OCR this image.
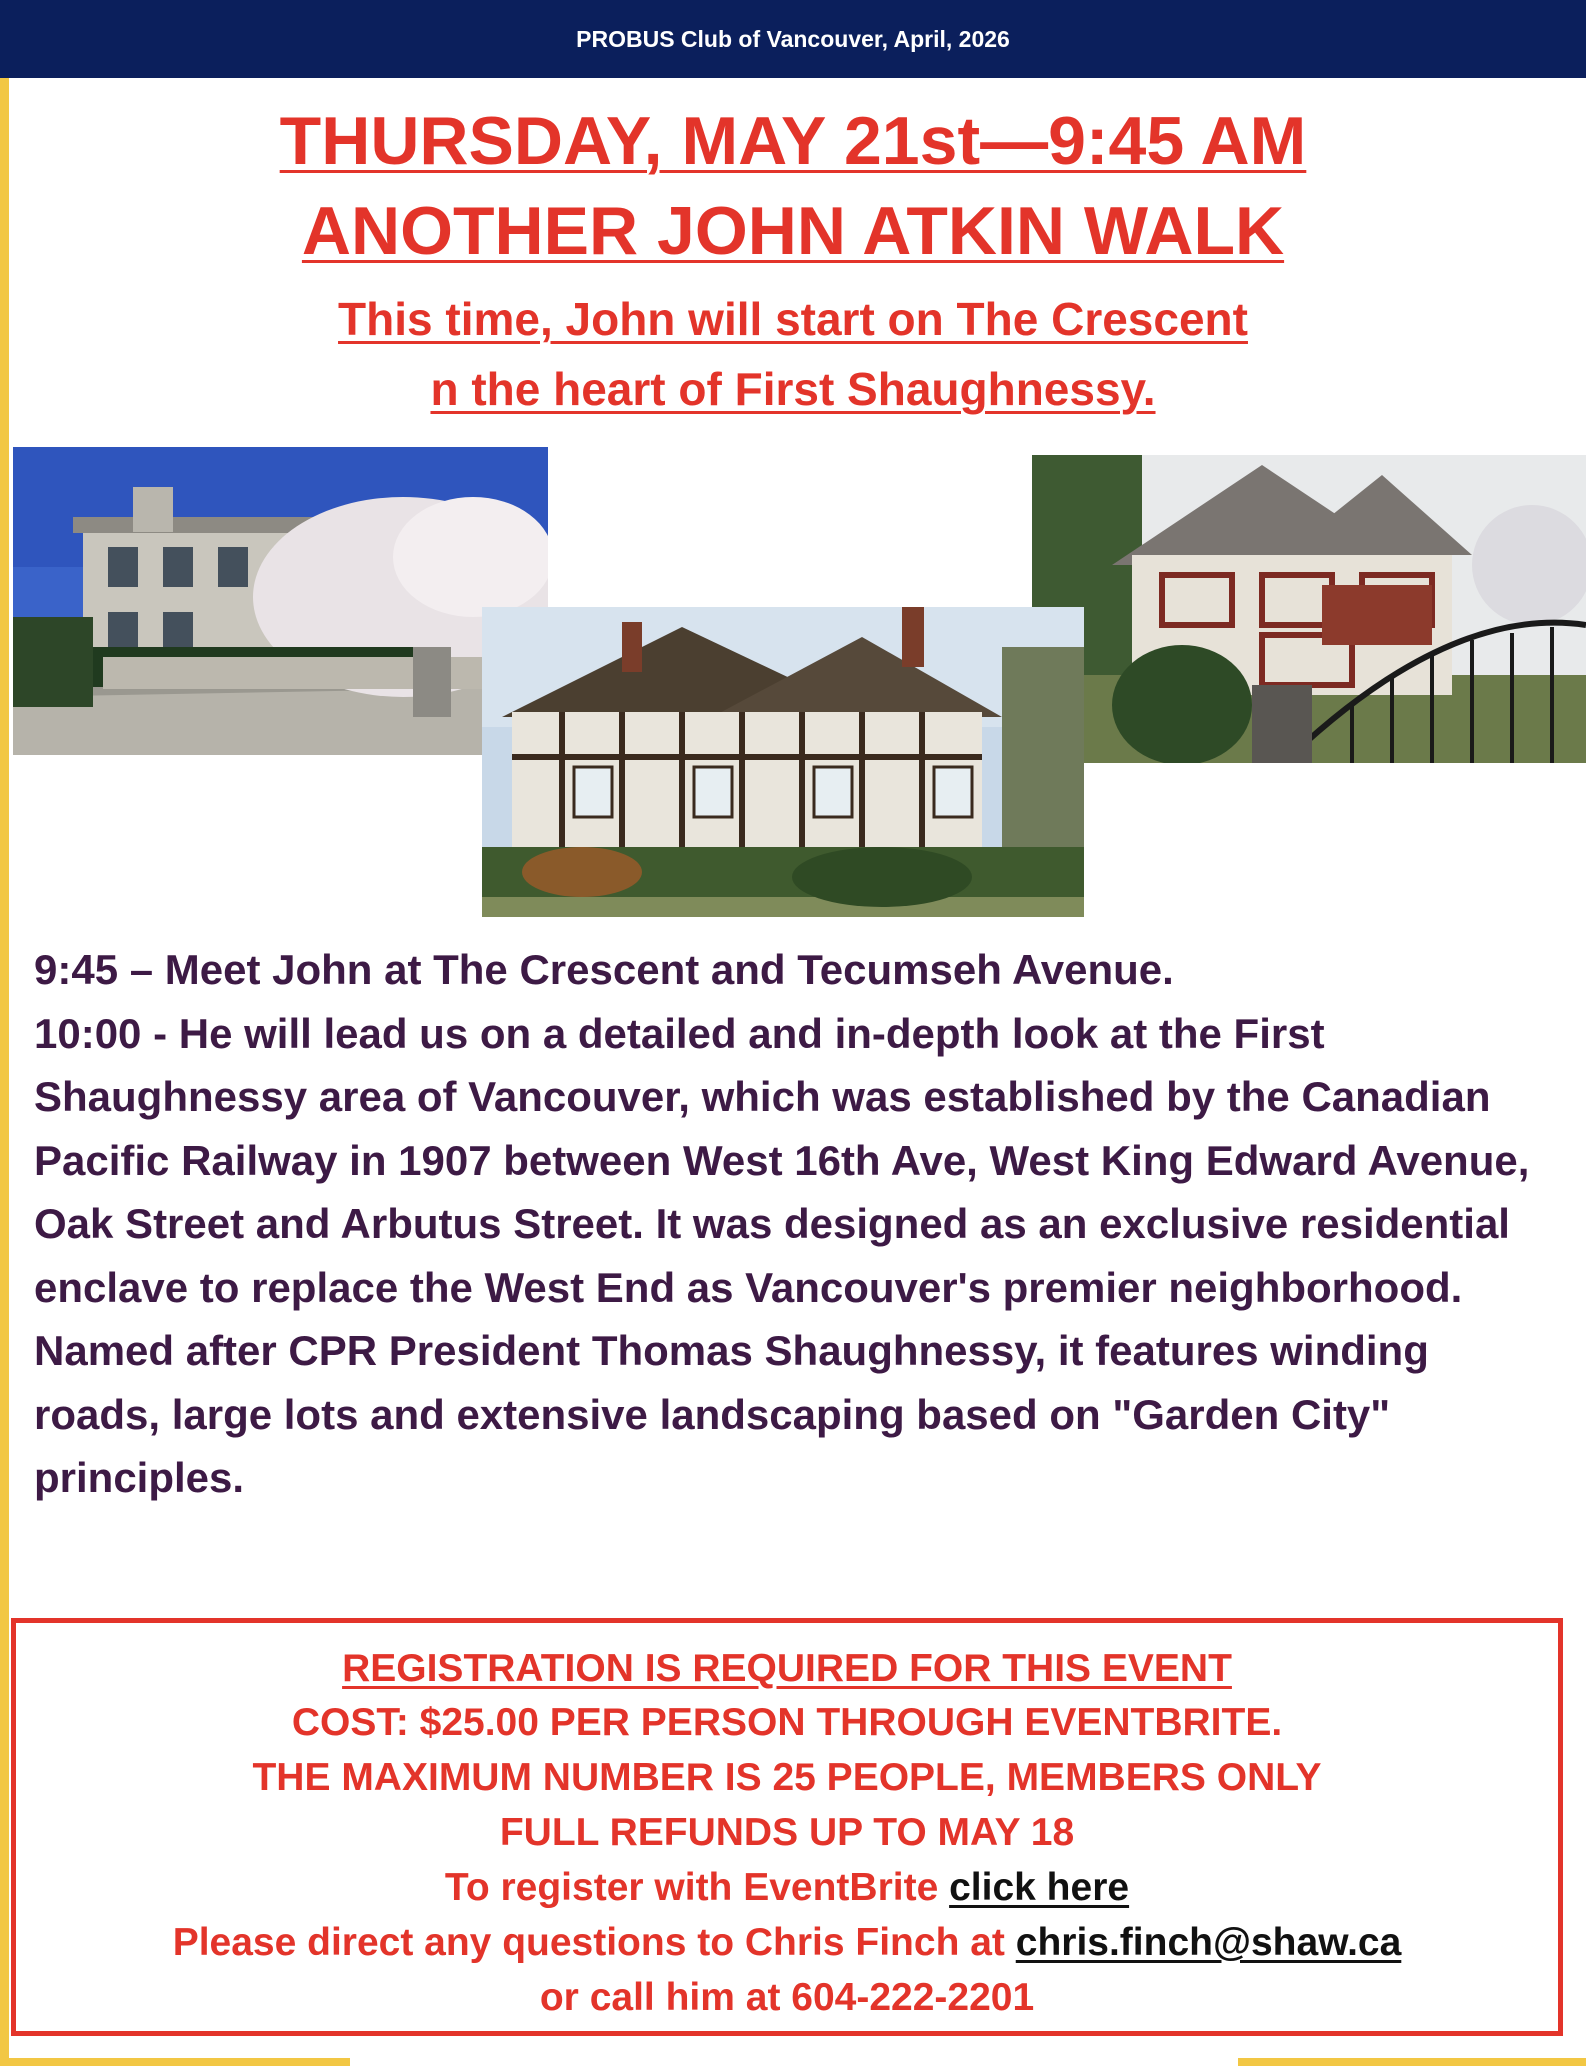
PROBUS Club of Vancouver, April, 2026
THURSDAY, MAY 21st—9:45 AM
ANOTHER JOHN ATKIN WALK
This time, John will start on The Crescent
n the heart of First Shaughnessy.

9:45 – Meet John at The Crescent and Tecumseh Avenue.

10:00 - He will lead us on a detailed and in-depth look at the First Shaughnessy area of Vancouver, which was established by the Canadian Pacific Railway in 1907 between West 16th Ave, West King Edward Avenue, Oak Street and Arbutus Street. It was designed as an exclusive residential enclave to replace the West End as Vancouver's premier neighborhood. Named after CPR President Thomas Shaughnessy, it features winding roads, large lots and extensive landscaping based on "Garden City" principles.

REGISTRATION IS REQUIRED FOR THIS EVENT
COST: $25.00 PER PERSON THROUGH EVENTBRITE.
THE MAXIMUM NUMBER IS 25 PEOPLE, MEMBERS ONLY
FULL REFUNDS UP TO MAY 18
To register with EventBrite click here
Please direct any questions to Chris Finch at chris.finch@shaw.ca
or call him at 604-222-2201
